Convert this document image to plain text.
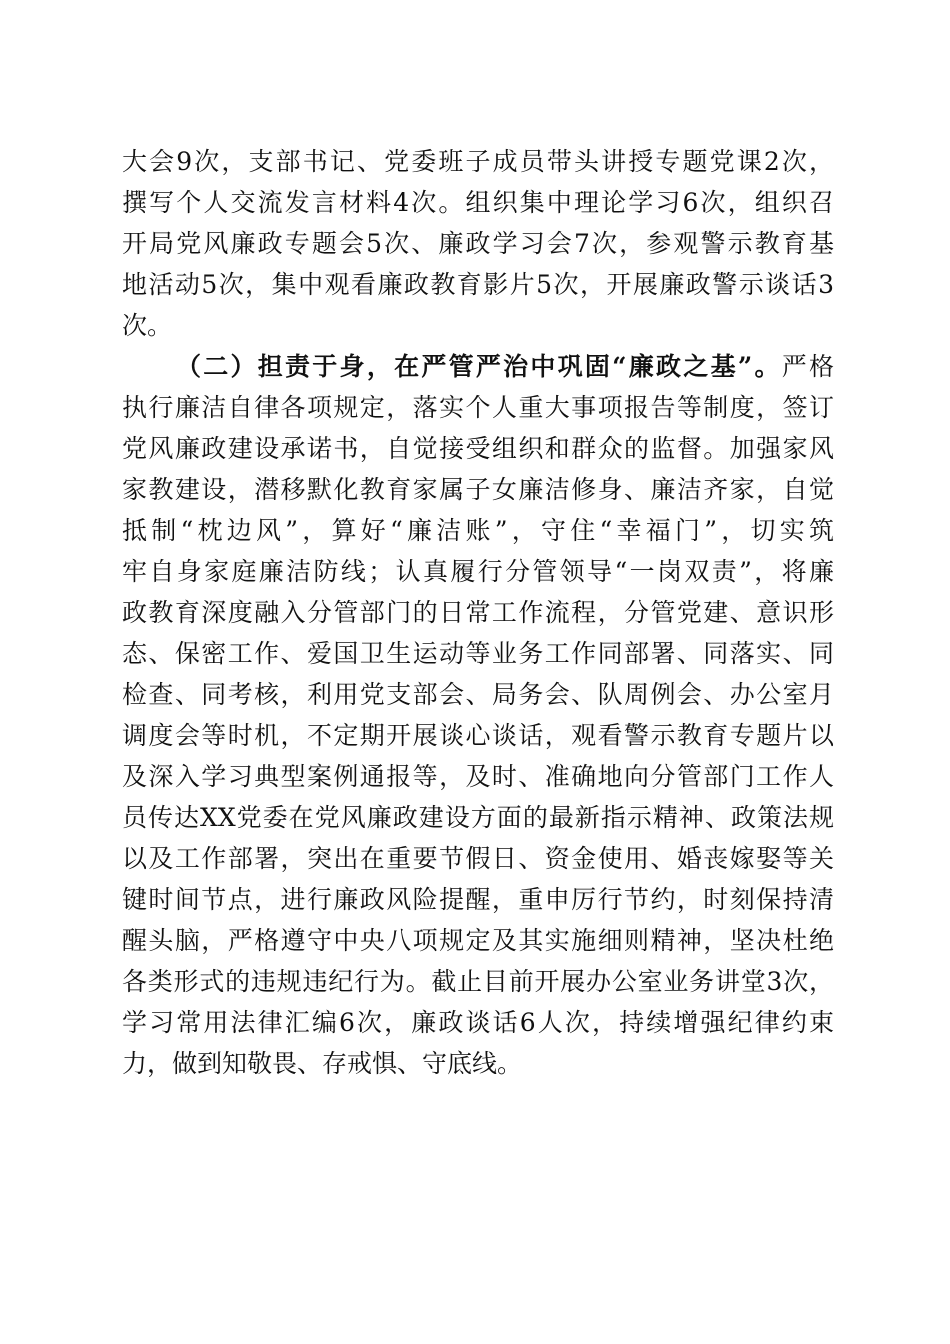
大会9次，支部书记、党委班子成员带头讲授专题党课2次，
撰写个人交流发言材料4次。组织集中理论学习6次，组织召
开局党风廉政专题会5次、廉政学习会7次，参观警示教育基
地活动5次，集中观看廉政教育影片5次，开展廉政警示谈话3
次。
（二）担责于身，在严管严治中巩固“廉政之基”。严格
执行廉洁自律各项规定，落实个人重大事项报告等制度，签订
党风廉政建设承诺书，自觉接受组织和群众的监督。加强家风
家教建设，潜移默化教育家属子女廉洁修身、廉洁齐家，自觉
抵制“枕边风”，算好“廉洁账”，守住“幸福门”，切实筑
牢自身家庭廉洁防线；认真履行分管领导“一岗双责”，将廉
政教育深度融入分管部门的日常工作流程，分管党建、意识形
态、保密工作、爱国卫生运动等业务工作同部署、同落实、同
检查、同考核，利用党支部会、局务会、队周例会、办公室月
调度会等时机，不定期开展谈心谈话，观看警示教育专题片以
及深入学习典型案例通报等，及时、准确地向分管部门工作人
员传达XX党委在党风廉政建设方面的最新指示精神、政策法规
以及工作部署，突出在重要节假日、资金使用、婚丧嫁娶等关
键时间节点，进行廉政风险提醒，重申厉行节约，时刻保持清
醒头脑，严格遵守中央八项规定及其实施细则精神，坚决杜绝
各类形式的违规违纪行为。截止目前开展办公室业务讲堂3次，
学习常用法律汇编6次，廉政谈话6人次，持续增强纪律约束
力，做到知敬畏、存戒惧、守底线。
